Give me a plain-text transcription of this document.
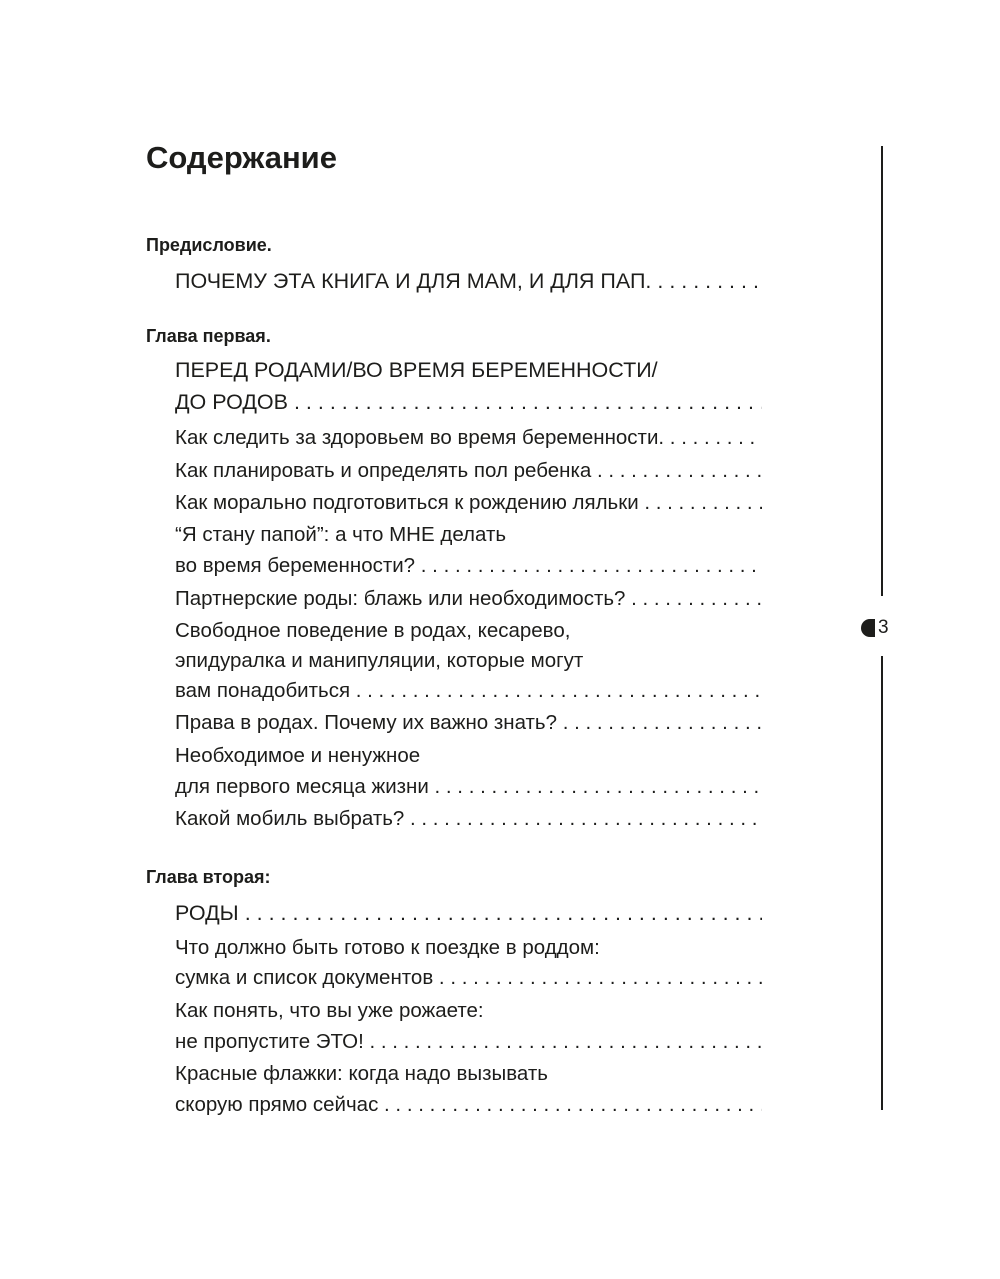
Содержание
Предисловие.
ПОЧЕМУ ЭТА КНИГА И ДЛЯ МАМ, И ДЛЯ ПАП. . . .
Глава первая.
ПЕРЕД РОДАМИ/ВО ВРЕМЯ БЕРЕМЕННОСТИ/
ДО РОДОВ . . .
Как следить за здоровьем во время беременности. . . .
Как планировать и определять пол ребенка . . .
Как морально подготовиться к рождению ляльки . . .
“Я стану папой”: а что МНЕ делать
во время беременности? . . .
Партнерские роды: блажь или необходимость? . . .
Свободное поведение в родах, кесарево,
эпидуралка и манипуляции, которые могут
вам понадобиться . . .
Права в родах. Почему их важно знать? . . .
Необходимое и ненужное
для первого месяца жизни . . .
Какой мобиль выбрать? . . .
Глава вторая:
РОДЫ . . .
Что должно быть готово к поездке в роддом:
сумка и список документов . . .
Как понять, что вы уже рожаете:
не пропустите ЭТО! . . .
Красные флажки: когда надо вызывать
скорую прямо сейчас . . .
3
